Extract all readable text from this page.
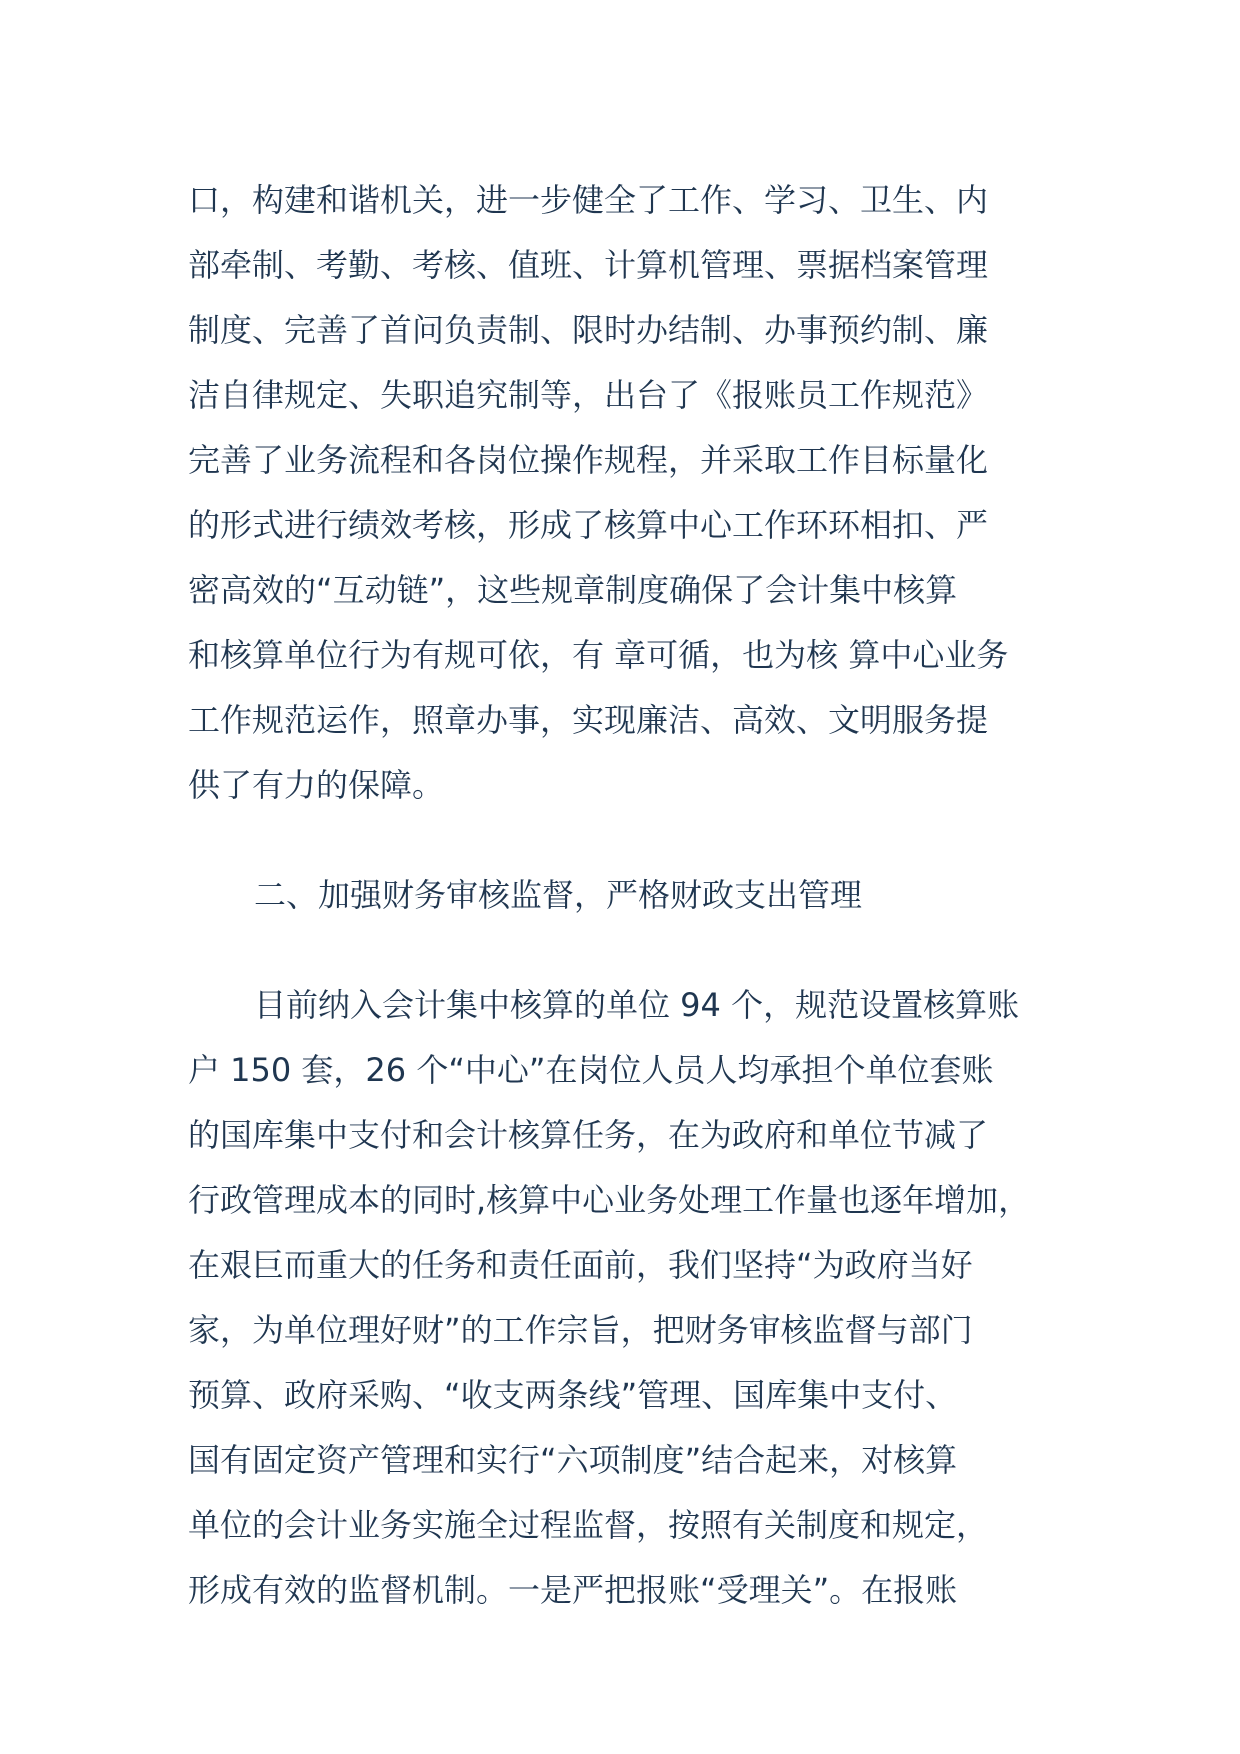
口，构建和谐机关，进一步健全了工作、学习、卫生、内
部牵制、考勤、考核、值班、计算机管理、票据档案管理
制度、完善了首问负责制、限时办结制、办事预约制、廉
洁自律规定、失职追究制等，出台了《报账员工作规范》
完善了业务流程和各岗位操作规程，并采取工作目标量化
的形式进行绩效考核，形成了核算中心工作环环相扣、严
密高效的“互动链”，这些规章制度确保了会计集中核算
和核算单位行为有规可依，有 章可循，也为核 算中心业务
工作规范运作，照章办事，实现廉洁、高效、文明服务提
供了有力的保障。
二、加强财务审核监督，严格财政支出管理
目前纳入会计集中核算的单位 94 个，规范设置核算账
户 150 套，26 个“中心”在岗位人员人均承担个单位套账
的国库集中支付和会计核算任务，在为政府和单位节减了
行政管理成本的同时,核算中心业务处理工作量也逐年增加，
在艰巨而重大的任务和责任面前，我们坚持“为政府当好
家，为单位理好财”的工作宗旨，把财务审核监督与部门
预算、政府采购、“收支两条线”管理、国库集中支付、
国有固定资产管理和实行“六项制度”结合起来，对核算
单位的会计业务实施全过程监督，按照有关制度和规定，
形成有效的监督机制。一是严把报账“受理关”。在报账
